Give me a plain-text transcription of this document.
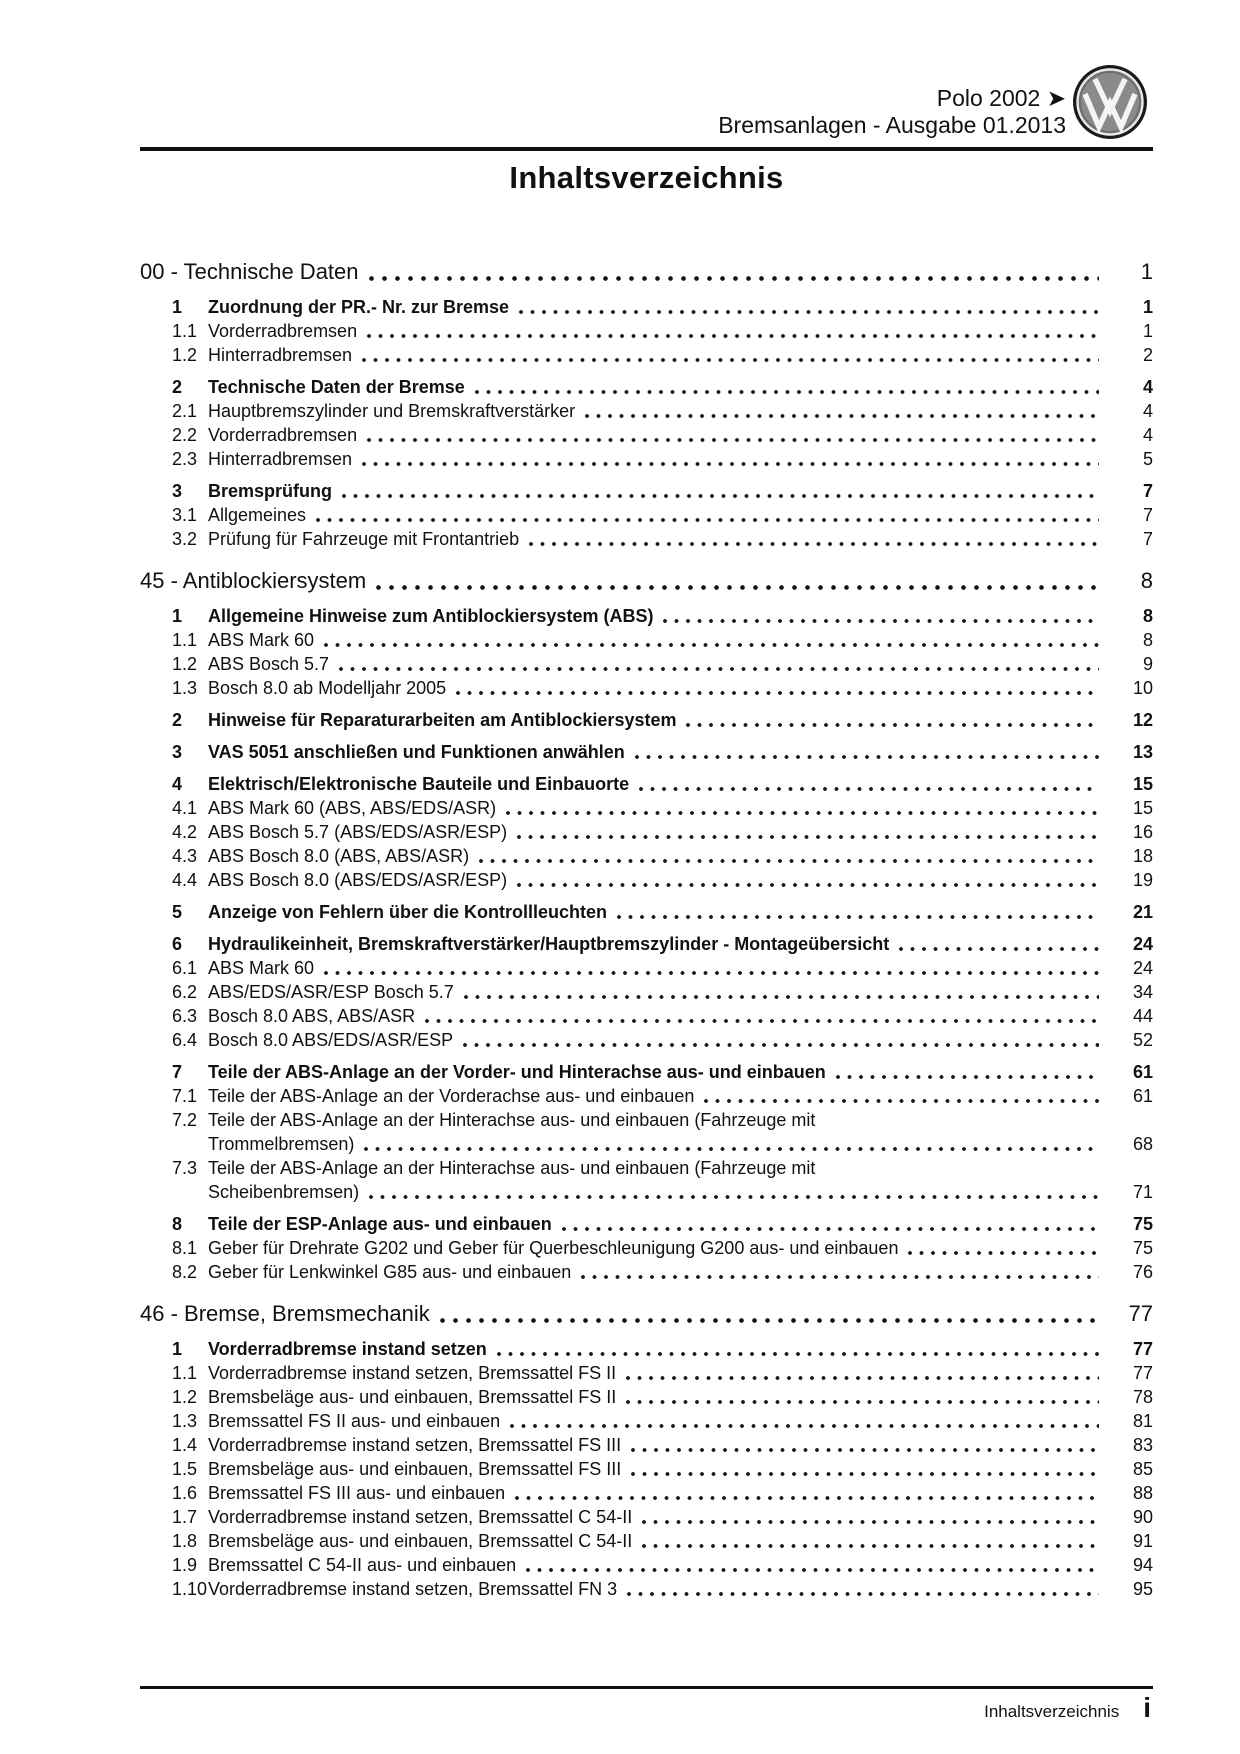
Polo 2002 ➤
Bremsanlagen - Ausgabe 01.2013
Inhaltsverzeichnis
00 - Technische Daten	1
1	Zuordnung der PR.- Nr. zur Bremse	1
1.1 Vorderradbremsen	1
1.2 Hinterradbremsen	2
2	Technische Daten der Bremse	4
2.1 Hauptbremszylinder und Bremskraftverstärker	4
2.2 Vorderradbremsen	4
2.3 Hinterradbremsen	5
3	Bremsprüfung	7
3.1 Allgemeines	7
3.2 Prüfung für Fahrzeuge mit Frontantrieb	7
45 - Antiblockiersystem	8
1	Allgemeine Hinweise zum Antiblockiersystem (ABS)	8
1.1 ABS Mark 60	8
1.2 ABS Bosch 5.7	9
1.3 Bosch 8.0 ab Modelljahr 2005	10
2	Hinweise für Reparaturarbeiten am Antiblockiersystem	12
3	VAS 5051 anschließen und Funktionen anwählen	13
4	Elektrisch/Elektronische Bauteile und Einbauorte	15
4.1 ABS Mark 60 (ABS, ABS/EDS/ASR)	15
4.2 ABS Bosch 5.7 (ABS/EDS/ASR/ESP)	16
4.3 ABS Bosch 8.0 (ABS, ABS/ASR)	18
4.4 ABS Bosch 8.0 (ABS/EDS/ASR/ESP)	19
5	Anzeige von Fehlern über die Kontrollleuchten	21
6	Hydraulikeinheit, Bremskraftverstärker/Hauptbremszylinder - Montageübersicht	24
6.1 ABS Mark 60	24
6.2 ABS/EDS/ASR/ESP Bosch 5.7	34
6.3 Bosch 8.0 ABS, ABS/ASR	44
6.4 Bosch 8.0 ABS/EDS/ASR/ESP	52
7	Teile der ABS-Anlage an der Vorder- und Hinterachse aus- und einbauen	61
7.1 Teile der ABS-Anlage an der Vorderachse aus- und einbauen	61
7.2 Teile der ABS-Anlage an der Hinterachse aus- und einbauen (Fahrzeuge mit
Trommelbremsen)	68
7.3 Teile der ABS-Anlage an der Hinterachse aus- und einbauen (Fahrzeuge mit
Scheibenbremsen)	71
8	Teile der ESP-Anlage aus- und einbauen	75
8.1 Geber für Drehrate G202 und Geber für Querbeschleunigung G200 aus- und einbauen	75
8.2 Geber für Lenkwinkel G85 aus- und einbauen	76
46 - Bremse, Bremsmechanik	77
1	Vorderradbremse instand setzen	77
1.1 Vorderradbremse instand setzen, Bremssattel FS II	77
1.2 Bremsbeläge aus- und einbauen, Bremssattel FS II	78
1.3 Bremssattel FS II aus- und einbauen	81
1.4 Vorderradbremse instand setzen, Bremssattel FS III	83
1.5 Bremsbeläge aus- und einbauen, Bremssattel FS III	85
1.6 Bremssattel FS III aus- und einbauen	88
1.7 Vorderradbremse instand setzen, Bremssattel C 54-II	90
1.8 Bremsbeläge aus- und einbauen, Bremssattel C 54-II	91
1.9 Bremssattel C 54-II aus- und einbauen	94
1.10 Vorderradbremse instand setzen, Bremssattel FN 3	95
Inhaltsverzeichnis i
